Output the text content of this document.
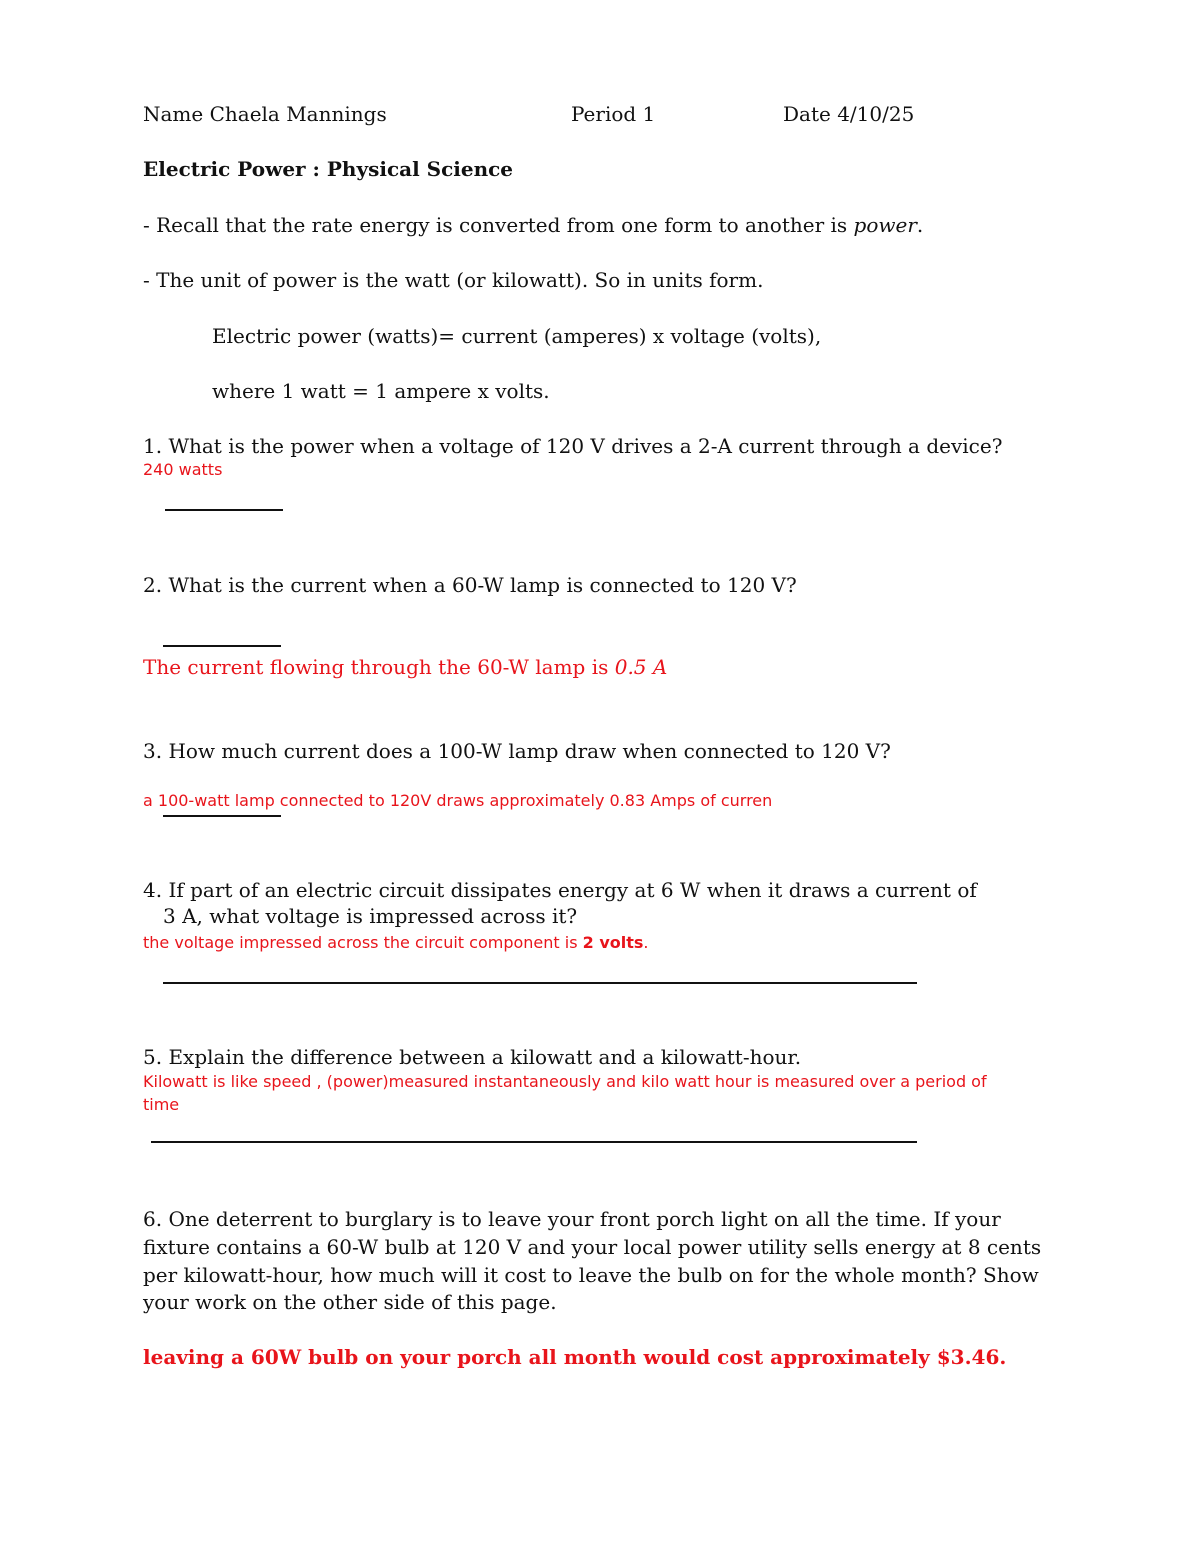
Name Chaela Mannings	Period 1	Date 4/10/25
Electric Power : Physical Science
- Recall that the rate energy is converted from one form to another is power.
- The unit of power is the watt (or kilowatt). So in units form.
Electric power (watts)= current (amperes) x voltage (volts),
where 1 watt = 1 ampere x volts.
1. What is the power when a voltage of 120 V drives a 2-A current through a device?
240 watts
2. What is the current when a 60-W lamp is connected to 120 V?
The current flowing through the 60-W lamp is 0.5 A
3. How much current does a 100-W lamp draw when connected to 120 V?
a 100-watt lamp connected to 120V draws approximately 0.83 Amps of curren
4. If part of an electric circuit dissipates energy at 6 W when it draws a current of
3 A, what voltage is impressed across it?
the voltage impressed across the circuit component is 2 volts.
5. Explain the difference between a kilowatt and a kilowatt-hour.
Kilowatt is like speed , (power)measured instantaneously and kilo watt hour is measured over a period of
time
6. One deterrent to burglary is to leave your front porch light on all the time. If your
fixture contains a 60-W bulb at 120 V and your local power utility sells energy at 8 cents
per kilowatt-hour, how much will it cost to leave the bulb on for the whole month? Show
your work on the other side of this page.
leaving a 60W bulb on your porch all month would cost approximately $3.46.
